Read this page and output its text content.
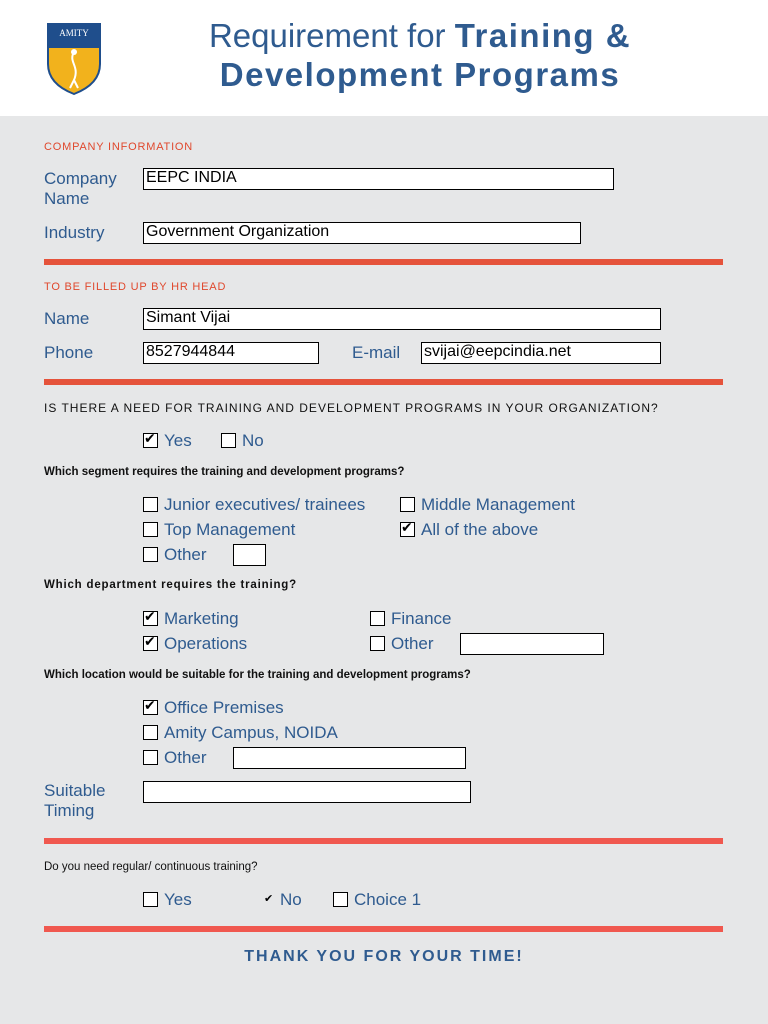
AMITY	Requirement for Training &
Development Programs
COMPANY INFORMATION
Company
Name
EEPC INDIA
Industry	Government Organization
TO BE FILLED UP BY HR HEAD
Name	Simant Vijai
Phone	8527944844	E-mail svijai@eepcindia.net
IS THERE A NEED FOR TRAINING AND DEVELOPMENT PROGRAMS IN YOUR ORGANIZATION?
✔
Yes	No
Which segment requires the training and development programs?
Junior executives/ trainees	Middle Management
Top Management
✔	All of the above
Other
Which department requires the training?
✔
Marketing	Finance
✔
Operations	Other
Which location would be suitable for the training and development programs?
✔
Office Premises
Amity Campus, NOIDA
Other
Suitable
Timing
Do you need regular/ continuous training?
Yes	✔ No	Choice 1
THANK YOU FOR YOUR TIME!
